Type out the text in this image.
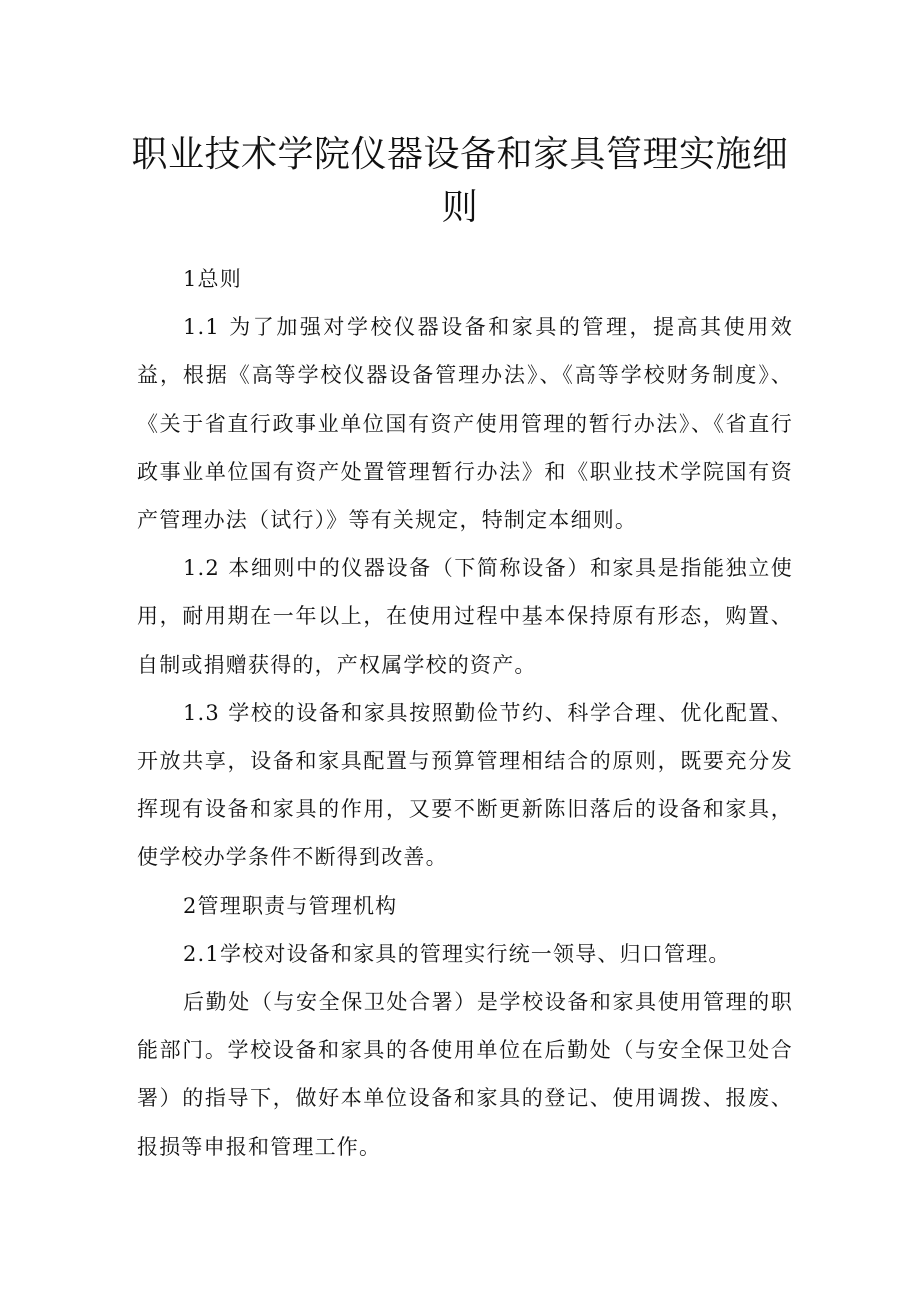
职业技术学院仪器设备和家具管理实施细则

1总则

1.1 为了加强对学校仪器设备和家具的管理，提高其使用效益，根据《高等学校仪器设备管理办法》、《高等学校财务制度》、《关于省直行政事业单位国有资产使用管理的暂行办法》、《省直行政事业单位国有资产处置管理暂行办法》和《职业技术学院国有资产管理办法（试行）》等有关规定，特制定本细则。

1.2 本细则中的仪器设备（下简称设备）和家具是指能独立使用，耐用期在一年以上，在使用过程中基本保持原有形态，购置、自制或捐赠获得的，产权属学校的资产。

1.3 学校的设备和家具按照勤俭节约、科学合理、优化配置、开放共享，设备和家具配置与预算管理相结合的原则，既要充分发挥现有设备和家具的作用，又要不断更新陈旧落后的设备和家具，使学校办学条件不断得到改善。

2管理职责与管理机构

2.1学校对设备和家具的管理实行统一领导、归口管理。

后勤处（与安全保卫处合署）是学校设备和家具使用管理的职能部门。学校设备和家具的各使用单位在后勤处（与安全保卫处合署）的指导下，做好本单位设备和家具的登记、使用调拨、报废、报损等申报和管理工作。
